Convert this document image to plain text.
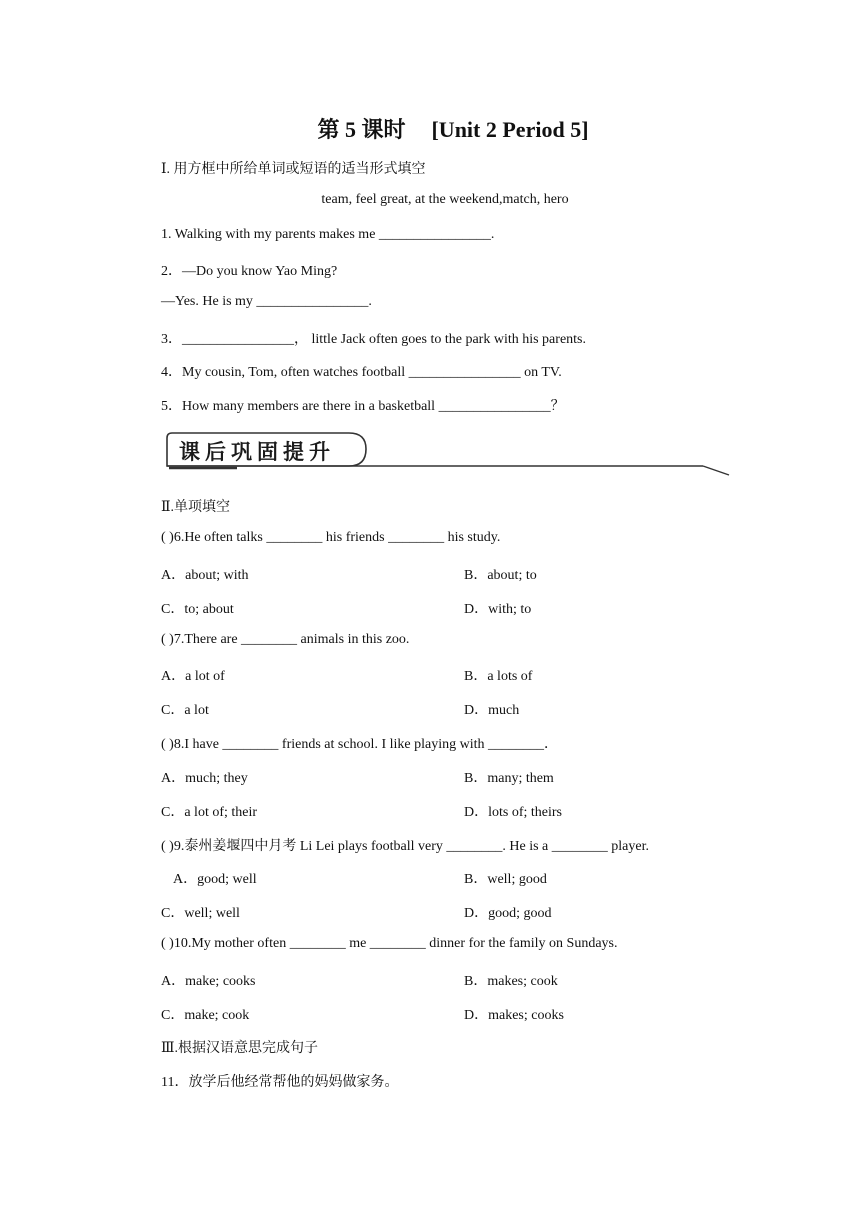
第 5 课时 [Unit 2 Period 5]
Ⅰ. 用方框中所给单词或短语的适当形式填空
team, feel great, at the weekend,match, hero
1. Walking with my parents makes me ________________.
2．—Do you know Yao Ming?
—Yes. He is my ________________.
3．________________， little Jack often goes to the park with his parents.
4．My cousin, Tom, often watches football ________________ on TV.
5．How many members are there in a basketball ________________？
课后巩固提升
Ⅱ.单项填空
( )6.He often talks ________ his friends ________ his study.
A．about; with	B．about; to
C．to; about	D．with; to
( )7.There are ________ animals in this zoo.
A．a lot of	B．a lots of
C．a lot	D．much
( )8.I have ________ friends at school. I like playing with ________．
A．much; they	B．many; them
C．a lot of; their	D．lots of; theirs
( )9.泰州姜堰四中月考 Li Lei plays football very ________. He is a ________ player.
A．good; well	B．well; good
C．well; well	D．good; good
( )10.My mother often ________ me ________ dinner for the family on Sundays.
A．make; cooks	B．makes; cook
C．make; cook	D．makes; cooks
Ⅲ.根据汉语意思完成句子
11．放学后他经常帮他的妈妈做家务。
